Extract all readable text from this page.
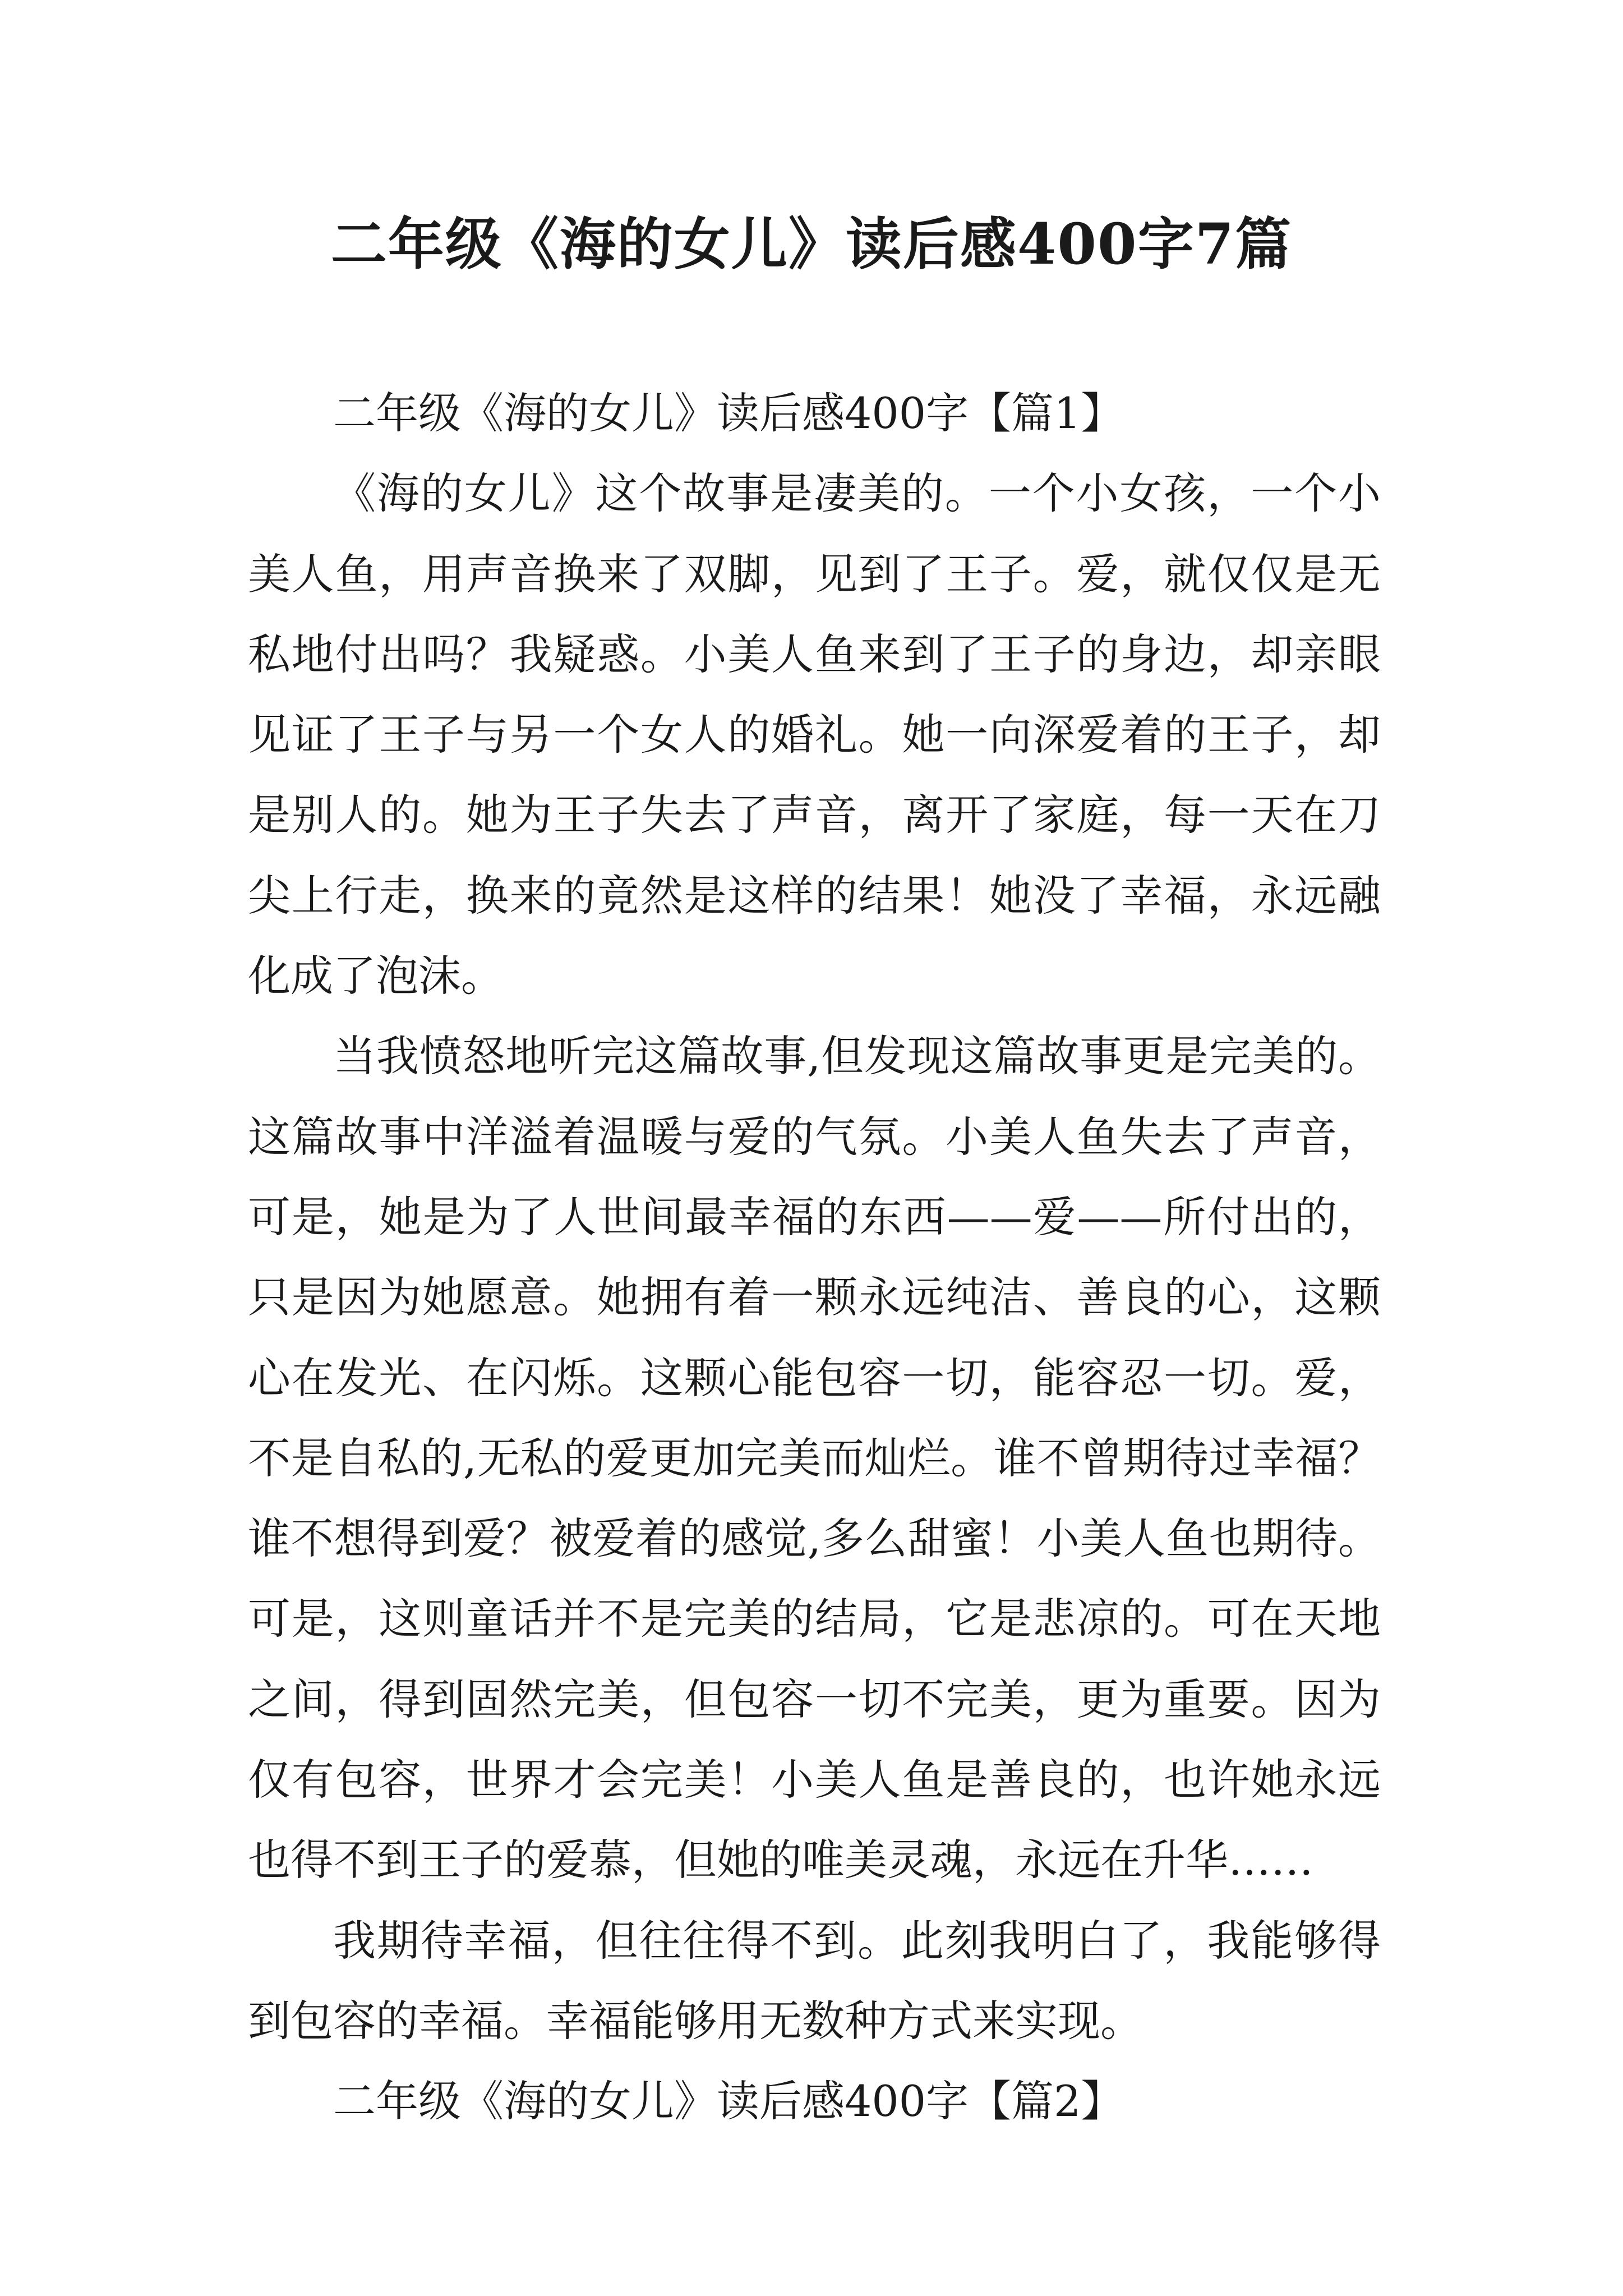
二年级《海的女儿》读后感400字7篇
二年级《海的女儿》读后感400字【篇1】
《海的女儿》这个故事是凄美的。一个小女孩，一个小
美人鱼，用声音换来了双脚，见到了王子。爱，就仅仅是无
私地付出吗？我疑惑。小美人鱼来到了王子的身边，却亲眼
见证了王子与另一个女人的婚礼。她一向深爱着的王子，却
是别人的。她为王子失去了声音，离开了家庭，每一天在刀
尖上行走，换来的竟然是这样的结果！她没了幸福，永远融
化成了泡沫。
当我愤怒地听完这篇故事,但发现这篇故事更是完美的。
这篇故事中洋溢着温暖与爱的气氛。小美人鱼失去了声音，
可是，她是为了人世间最幸福的东西——爱——所付出的，
只是因为她愿意。她拥有着一颗永远纯洁、善良的心，这颗
心在发光、在闪烁。这颗心能包容一切，能容忍一切。爱，
不是自私的,无私的爱更加完美而灿烂。谁不曾期待过幸福？
谁不想得到爱？被爱着的感觉,多么甜蜜！小美人鱼也期待。
可是，这则童话并不是完美的结局，它是悲凉的。可在天地
之间，得到固然完美，但包容一切不完美，更为重要。因为
仅有包容，世界才会完美！小美人鱼是善良的，也许她永远
也得不到王子的爱慕，但她的唯美灵魂，永远在升华……
我期待幸福，但往往得不到。此刻我明白了，我能够得
到包容的幸福。幸福能够用无数种方式来实现。
二年级《海的女儿》读后感400字【篇2】
